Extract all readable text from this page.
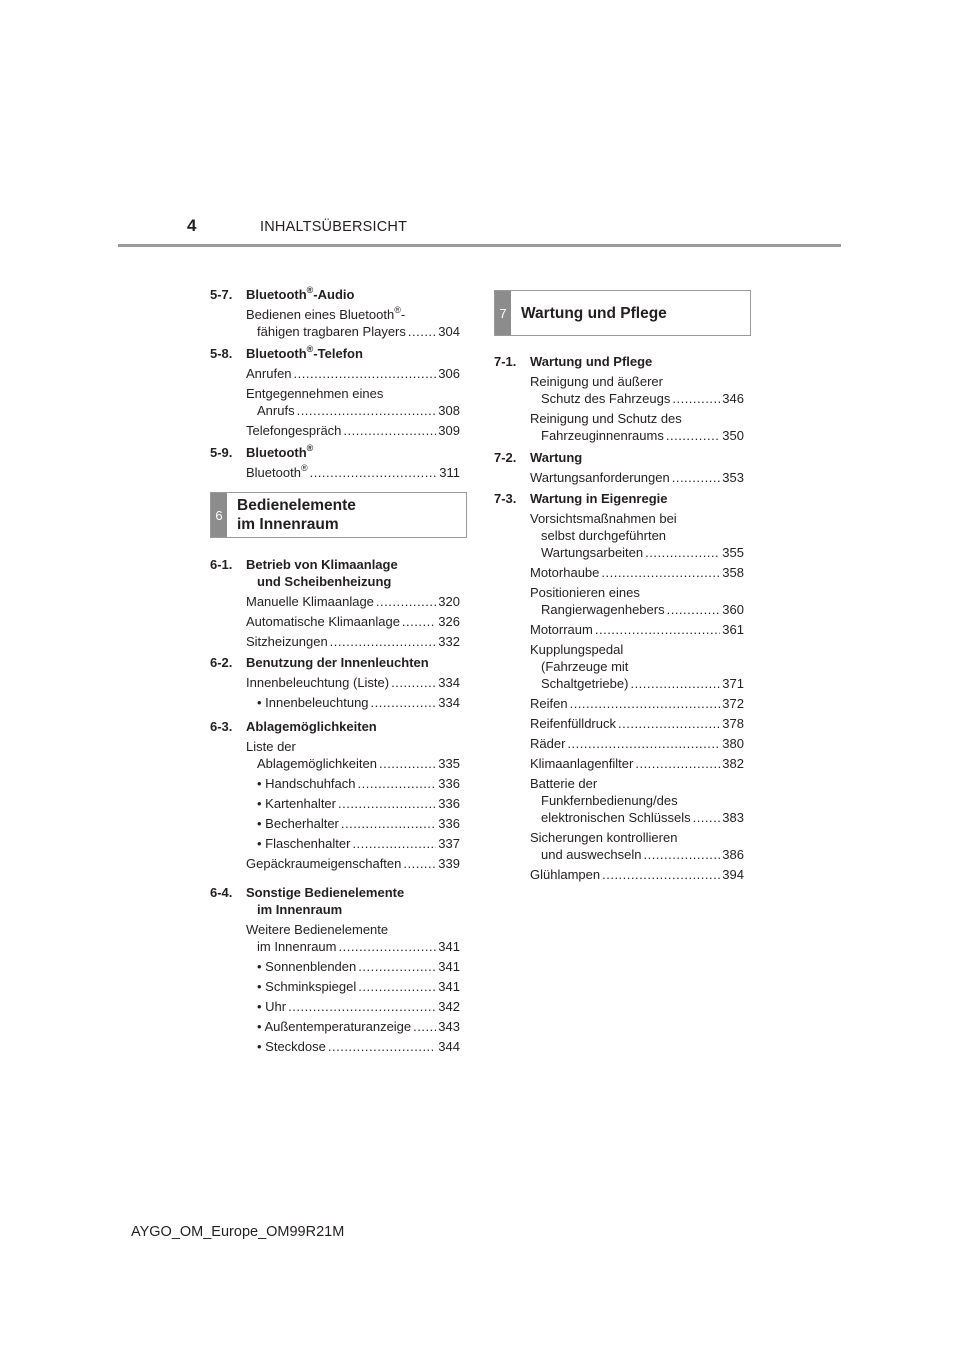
4	INHALTSÜBERSICHT
5-7.	Bluetooth®-Audio
Bedienen eines Bluetooth®-
fähigen tragbaren Players ..... 304
5-8.	Bluetooth®-Telefon
Anrufen .....	306
Entgegennehmen eines
Anrufs .....	308
Telefongespräch .....	309
5-9.	Bluetooth®
Bluetooth® .....	311
6
Bedienelemente
im Innenraum
6-1.	Betrieb von Klimaanlage
und Scheibenheizung
Manuelle Klimaanlage .....	320
Automatische Klimaanlage .....	326
Sitzheizungen .....	332
6-2.	Benutzung der Innenleuchten
Innenbeleuchtung (Liste) .....	334
• Innenbeleuchtung .....	334
6-3.	Ablagemöglichkeiten
Liste der
Ablagemöglichkeiten .....	335
• Handschuhfach .....	336
• Kartenhalter .....	336
• Becherhalter .....	336
• Flaschenhalter .....	337
Gepäckraumeigenschaften .....	339
6-4.	Sonstige Bedienelemente
im Innenraum
Weitere Bedienelemente
im Innenraum .....	341
• Sonnenblenden .....	341
• Schminkspiegel .....	341
• Uhr .....	342
• Außentemperaturanzeige ..... 343
• Steckdose .....	344
7 Wartung und Pflege
7-1.	Wartung und Pflege
Reinigung und äußerer
Schutz des Fahrzeugs .....	346
Reinigung und Schutz des
Fahrzeuginnenraums .....	350
7-2.	Wartung
Wartungsanforderungen .....	353
7-3.	Wartung in Eigenregie
Vorsichtsmaßnahmen bei
selbst durchgeführten
Wartungsarbeiten .....	355
Motorhaube .....	358
Positionieren eines
Rangierwagenhebers .....	360
Motorraum .....	361
Kupplungspedal
(Fahrzeuge mit
Schaltgetriebe) .....	371
Reifen .....	372
Reifenfülldruck .....	378
Räder .....	380
Klimaanlagenfilter .....	382
Batterie der
Funkfernbedienung/des
elektronischen Schlüssels ..... 383
Sicherungen kontrollieren
und auswechseln .....	386
Glühlampen .....	394
AYGO_OM_Europe_OM99R21M
